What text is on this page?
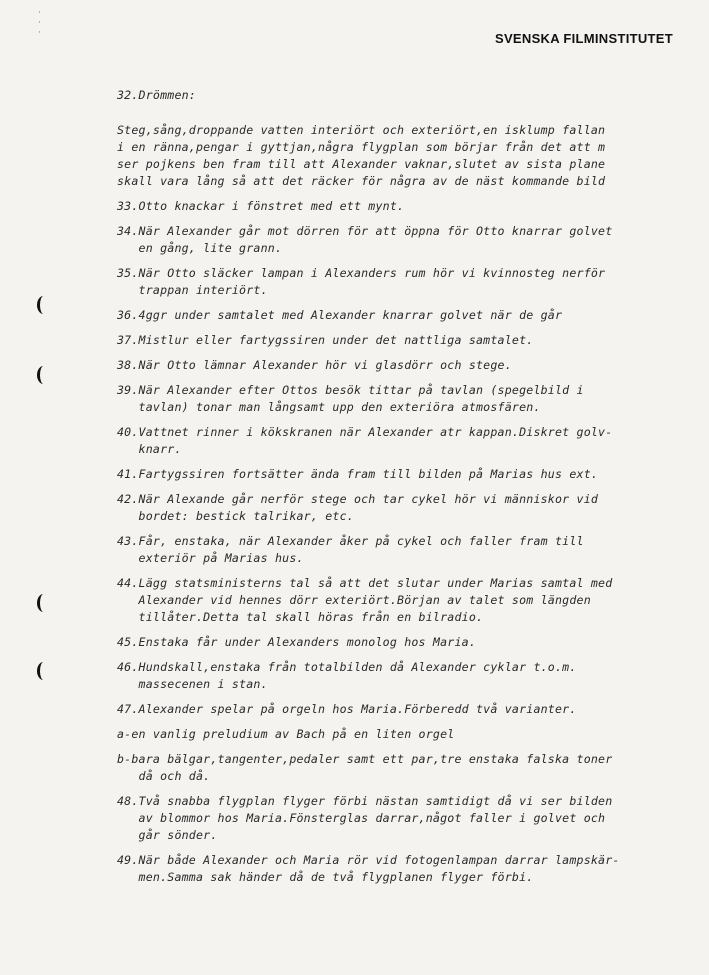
·
·
·	SVENSKA FILMINSTITUTET
32.Drömmen:
Steg,sång,droppande vatten interiört och exteriört,en isklump fallan
i en ränna,pengar i gyttjan,några flygplan som börjar från det att m
ser pojkens ben fram till att Alexander vaknar,slutet av sista plane
skall vara lång så att det räcker för några av de näst kommande bild
33.Otto knackar i fönstret med ett mynt.
34.När Alexander går mot dörren för att öppna för Otto knarrar golvet
en gång, lite grann.
35.När Otto släcker lampan i Alexanders rum hör vi kvinnosteg nerför
trappan interiört.
36.4ggr under samtalet med Alexander knarrar golvet när de går
37.Mistlur eller fartygssiren under det nattliga samtalet.
38.När Otto lämnar Alexander hör vi glasdörr och stege.
39.När Alexander efter Ottos besök tittar på tavlan (spegelbild i
tavlan) tonar man långsamt upp den exteriöra atmosfären.
40.Vattnet rinner i kökskranen när Alexander atr kappan.Diskret golv-
knarr.
41.Fartygssiren fortsätter ända fram till bilden på Marias hus ext.
42.När Alexande går nerför stege och tar cykel hör vi människor vid
bordet: bestick talrikar, etc.
43.Får, enstaka, när Alexander åker på cykel och faller fram till
exteriör på Marias hus.
44.Lägg statsministerns tal så att det slutar under Marias samtal med
Alexander vid hennes dörr exteriört.Början av talet som längden
tillåter.Detta tal skall höras från en bilradio.
45.Enstaka får under Alexanders monolog hos Maria.
46.Hundskall,enstaka från totalbilden då Alexander cyklar t.o.m.
massecenen i stan.
47.Alexander spelar på orgeln hos Maria.Förberedd två varianter.
a-en vanlig preludium av Bach på en liten orgel
b-bara bälgar,tangenter,pedaler samt ett par,tre enstaka falska toner
då och då.
48.Två snabba flygplan flyger förbi nästan samtidigt då vi ser bilden
av blommor hos Maria.Fönsterglas darrar,något faller i golvet och
går sönder.
49.När både Alexander och Maria rör vid fotogenlampan darrar lampskär-
men.Samma sak händer då de två flygplanen flyger förbi.
